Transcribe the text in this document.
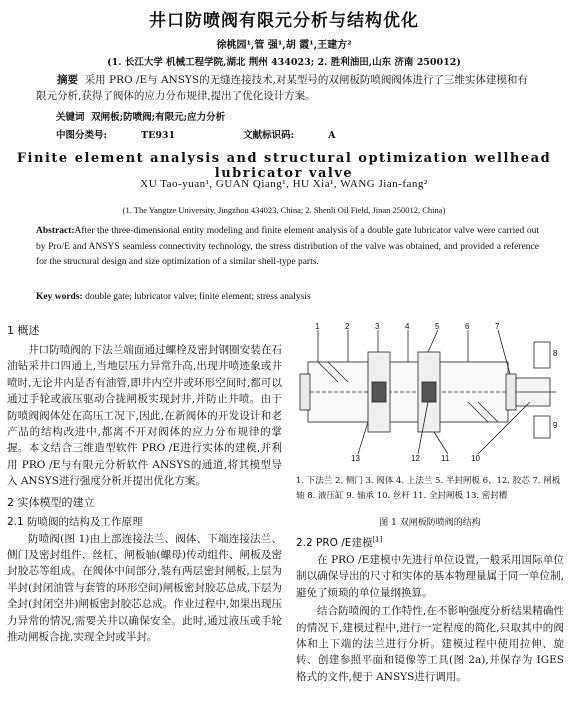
井口防喷阀有限元分析与结构优化
徐桃园¹,管 强¹,胡 霞¹,王建方²
(1. 长江大学 机械工程学院,湖北 荆州 434023; 2. 胜利油田,山东 济南 250012)
摘要 采用 PRO /E与 ANSYS的无缝连接技术,对某型号的双闸板防喷阀阀体进行了三维实体建模和有限元分析,获得了阀体的应力分布规律,提出了优化设计方案。
关键词 双闸板;防喷阀;有限元;应力分析
中图分类号:	TE931	文献标识码:	A
Finite element analysis and structural optimization wellhead lubricator valve
XU Tao-yuan¹, GUAN Qiang¹, HU Xia¹, WANG Jian-fang²
(1. The Yangtze University, Jingzhou 434023, China; 2. Shenli Oil Field, Jinan 250012, China)
Abstract:After the three-dimensional entity modeling and finite element analysis of a double gate lubricator valve were carried out by Pro/E and ANSYS seamless connectivity technology, the stress distribution of the valve was obtained, and provided a reference for the structural design and size optimization of a similar shell-type parts.
Key words: double gate; lubricator valve; finite element; stress analysis
1 概述

井口防喷阀的下法兰端面通过螺栓及密封钢圈安装在石油钻采井口四通上,当地层压力异常升高,出现井喷迹象或井喷时,无论井内是否有油管,即井内空井或环形空间时,都可以通过手轮或液压驱动合拢闸板实现封井,并防止井喷。由于防喷阀阀体处在高压工况下,因此,在新阀体的开发设计和老产品的结构改进中,都离不开对阀体的应力分布规律的掌握。本文结合三维造型软件 PRO /E进行实体的建模,并利用 PRO /E与有限元分析软件 ANSYS的通道,将其模型导入 ANSYS进行强度分析并提出优化方案。

2 实体模型的建立
2.1 防喷阀的结构及工作原理

防喷阀(图 1)由上部连接法兰、阀体、下端连接法兰、侧门及密封组件、丝杠、闸板轴(螺母)传动组件、闸板及密封胶芯等组成。在阀体中间部分,装有两层密封闸板,上层为半封(封闭油管与套管的环形空间)闸板密封胶芯总成,下层为全封(封闭空井)闸板密封胶芯总成。作业过程中,如果出现压力异常的情况,需要关井以确保安全。此时,通过液压或手轮推动闸板合拢,实现全封或半封。

1	2	3	4	5	6	7
8
9
13	12	11	10
1. 下法兰 2. 侧门 3. 阀体 4. 上法兰 5. 半封闸板 6、12. 胶芯 7. 闸板轴 8. 液压缸 9. 轴承 10. 丝杆 11. 全封闸板 13. 密封槽
图 1 双闸板防喷阀的结构
2.2 PRO /E建模[1]

在 PRO /E建模中先进行单位设置,一般采用国际单位制以确保导出的尺寸和实体的基本物理量属于同一单位制,避免了烦琐的单位量纲换算。

结合防喷阀的工作特性,在不影响强度分析结果精确性的情况下,建模过程中,进行一定程度的简化,只取其中的阀体和上下端的法兰进行分析。建模过程中使用拉伸、旋转、创建参照平面和镜像等工具(图 2a),并保存为 IGES格式的文件,便于 ANSYS进行调用。
